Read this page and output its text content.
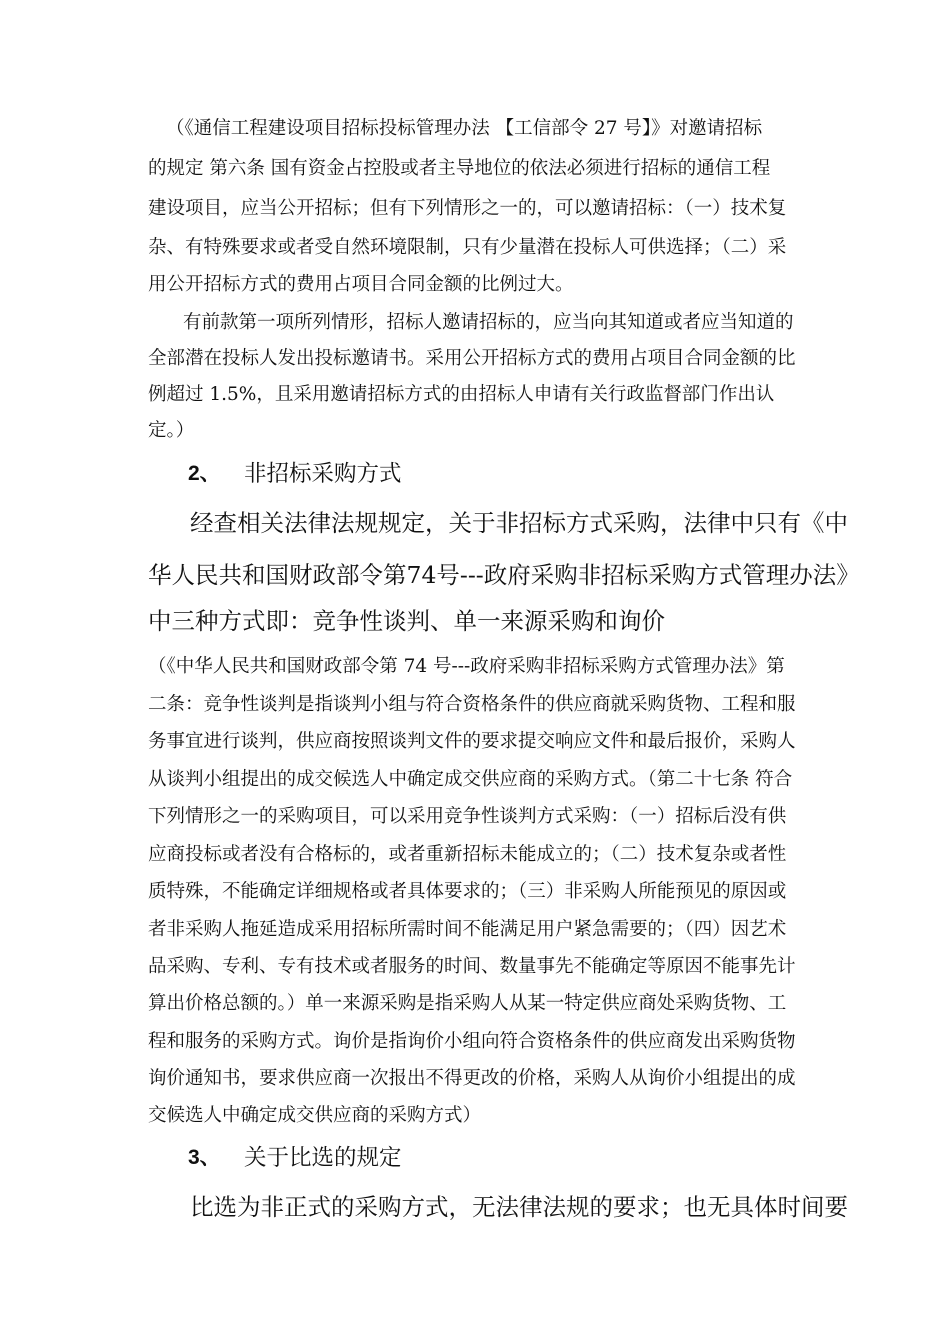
（《通信工程建设项目招标投标管理办法 【工信部令 27 号】》对邀请招标
的规定 第六条 国有资金占控股或者主导地位的依法必须进行招标的通信工程
建设项目，应当公开招标；但有下列情形之一的，可以邀请招标：（一）技术复
杂、有特殊要求或者受自然环境限制，只有少量潜在投标人可供选择；（二）采
用公开招标方式的费用占项目合同金额的比例过大。
有前款第一项所列情形，招标人邀请招标的，应当向其知道或者应当知道的
全部潜在投标人发出投标邀请书。采用公开招标方式的费用占项目合同金额的比
例超过 1.5%，且采用邀请招标方式的由招标人申请有关行政监督部门作出认
定。）
2、 非招标采购方式
经查相关法律法规规定，关于非招标方式采购，法律中只有《中
华人民共和国财政部令第74号---政府采购非招标采购方式管理办法》
中三种方式即：竞争性谈判、单一来源采购和询价
（《中华人民共和国财政部令第 74 号---政府采购非招标采购方式管理办法》第
二条：竞争性谈判是指谈判小组与符合资格条件的供应商就采购货物、工程和服
务事宜进行谈判，供应商按照谈判文件的要求提交响应文件和最后报价，采购人
从谈判小组提出的成交候选人中确定成交供应商的采购方式。（第二十七条 符合
下列情形之一的采购项目，可以采用竞争性谈判方式采购：（一）招标后没有供
应商投标或者没有合格标的，或者重新招标未能成立的；（二）技术复杂或者性
质特殊，不能确定详细规格或者具体要求的；（三）非采购人所能预见的原因或
者非采购人拖延造成采用招标所需时间不能满足用户紧急需要的；（四）因艺术
品采购、专利、专有技术或者服务的时间、数量事先不能确定等原因不能事先计
算出价格总额的。）单一来源采购是指采购人从某一特定供应商处采购货物、工
程和服务的采购方式。询价是指询价小组向符合资格条件的供应商发出采购货物
询价通知书，要求供应商一次报出不得更改的价格，采购人从询价小组提出的成
交候选人中确定成交供应商的采购方式）
3、 关于比选的规定
比选为非正式的采购方式，无法律法规的要求；也无具体时间要
